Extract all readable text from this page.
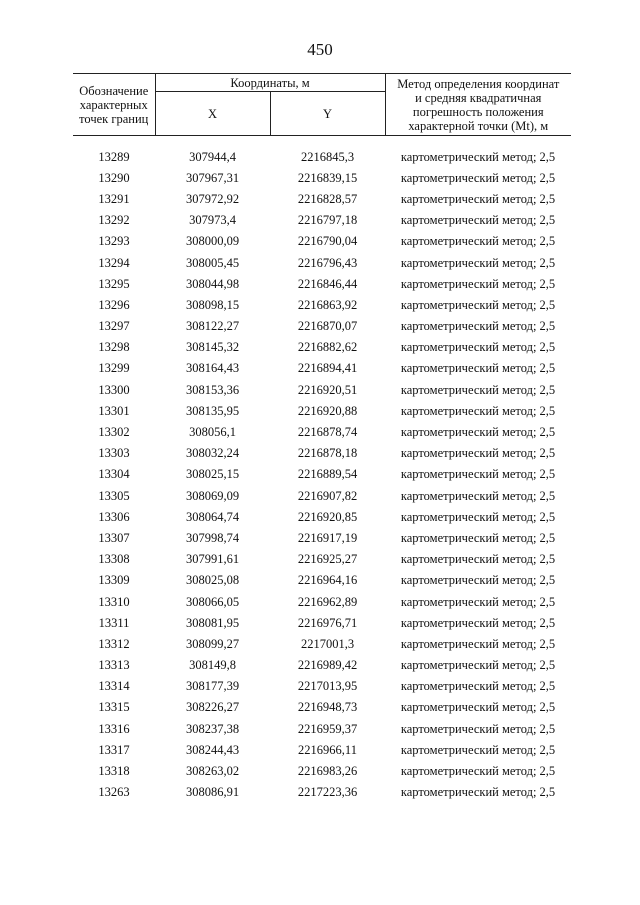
450
Обозначение
характерных
точек границ	Координаты, м		Метод определения координат
и средняя квадратичная
погрешность положения
характерной точки (Mt), м
	X	Y	
13289	307944,4	2216845,3	картометрический метод; 2,5
13290	307967,31	2216839,15	картометрический метод; 2,5
13291	307972,92	2216828,57	картометрический метод; 2,5
13292	307973,4	2216797,18	картометрический метод; 2,5
13293	308000,09	2216790,04	картометрический метод; 2,5
13294	308005,45	2216796,43	картометрический метод; 2,5
13295	308044,98	2216846,44	картометрический метод; 2,5
13296	308098,15	2216863,92	картометрический метод; 2,5
13297	308122,27	2216870,07	картометрический метод; 2,5
13298	308145,32	2216882,62	картометрический метод; 2,5
13299	308164,43	2216894,41	картометрический метод; 2,5
13300	308153,36	2216920,51	картометрический метод; 2,5
13301	308135,95	2216920,88	картометрический метод; 2,5
13302	308056,1	2216878,74	картометрический метод; 2,5
13303	308032,24	2216878,18	картометрический метод; 2,5
13304	308025,15	2216889,54	картометрический метод; 2,5
13305	308069,09	2216907,82	картометрический метод; 2,5
13306	308064,74	2216920,85	картометрический метод; 2,5
13307	307998,74	2216917,19	картометрический метод; 2,5
13308	307991,61	2216925,27	картометрический метод; 2,5
13309	308025,08	2216964,16	картометрический метод; 2,5
13310	308066,05	2216962,89	картометрический метод; 2,5
13311	308081,95	2216976,71	картометрический метод; 2,5
13312	308099,27	2217001,3	картометрический метод; 2,5
13313	308149,8	2216989,42	картометрический метод; 2,5
13314	308177,39	2217013,95	картометрический метод; 2,5
13315	308226,27	2216948,73	картометрический метод; 2,5
13316	308237,38	2216959,37	картометрический метод; 2,5
13317	308244,43	2216966,11	картометрический метод; 2,5
13318	308263,02	2216983,26	картометрический метод; 2,5
13263	308086,91	2217223,36	картометрический метод; 2,5
